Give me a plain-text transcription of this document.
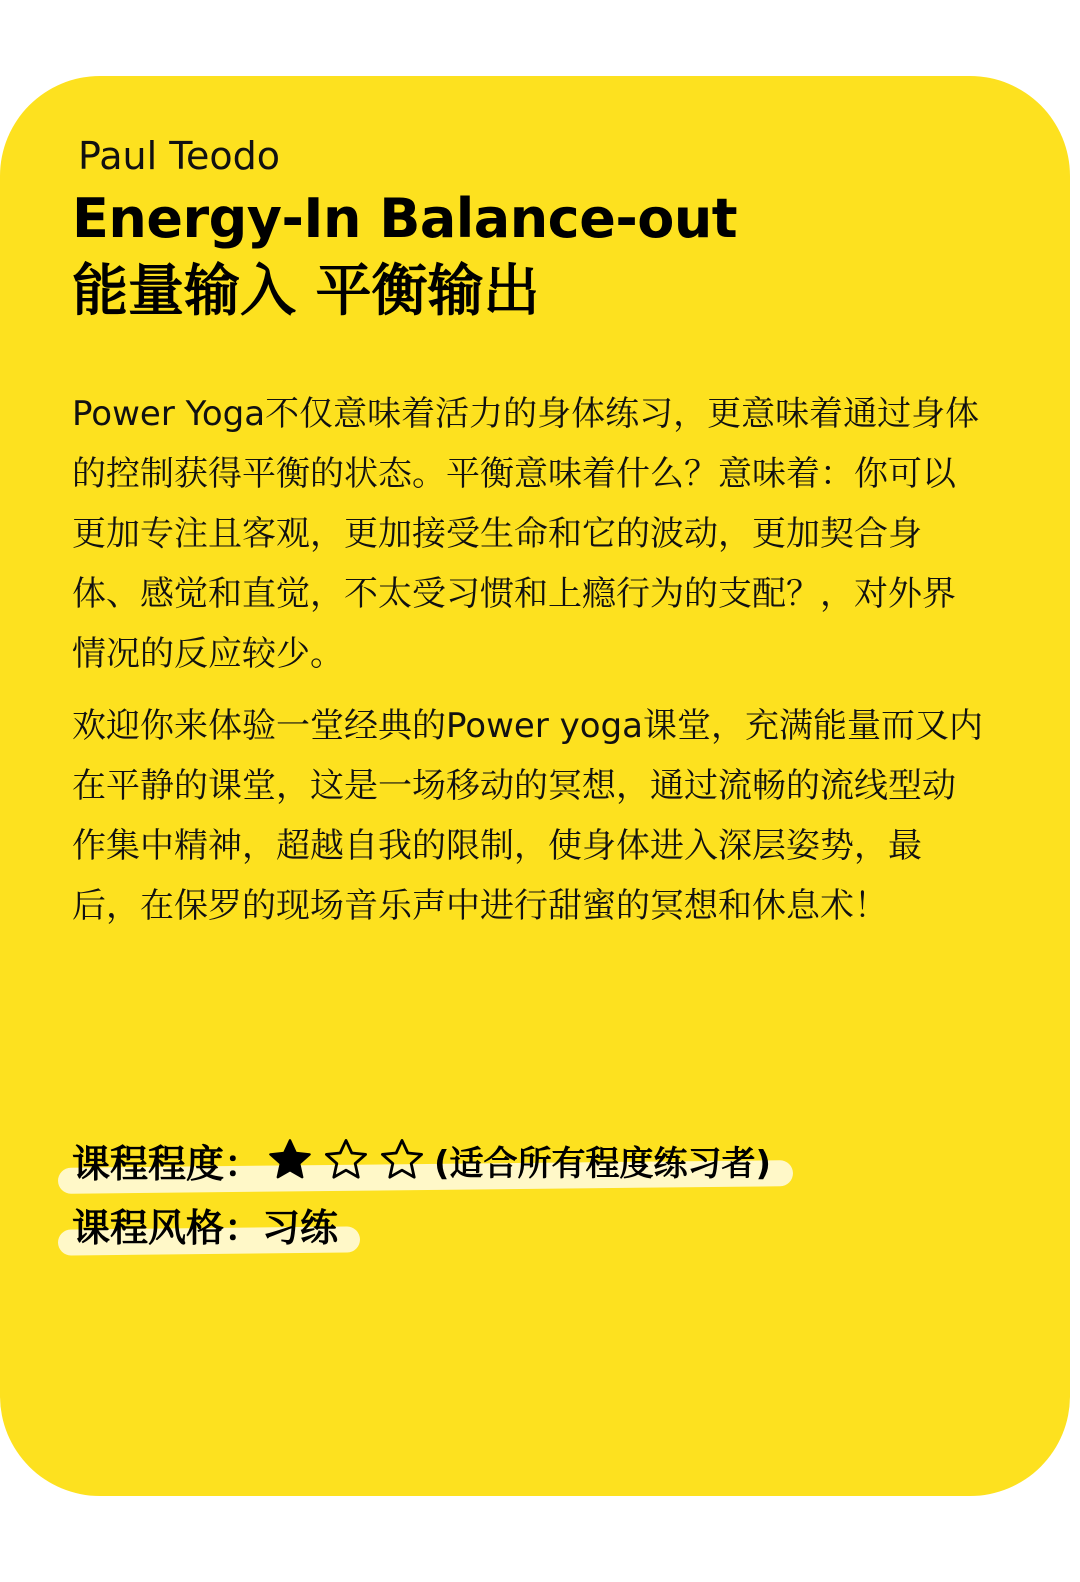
Paul Teodo
Energy-In Balance-out
能量输入 平衡输出

Power Yoga不仅意味着活力的身体练习，更意味着通过身体的控制获得平衡的状态。平衡意味着什么？意味着：你可以更加专注且客观，更加接受生命和它的波动，更加契合身体、感觉和直觉，不太受习惯和上瘾行为的支配？，对外界情况的反应较少。

欢迎你来体验一堂经典的Power yoga课堂，充满能量而又内在平静的课堂，这是一场移动的冥想，通过流畅的流线型动作集中精神，超越自我的限制，使身体进入深层姿势，最后，在保罗的现场音乐声中进行甜蜜的冥想和休息术！

课程程度：	(适合所有程度练习者)

课程风格： 习练
